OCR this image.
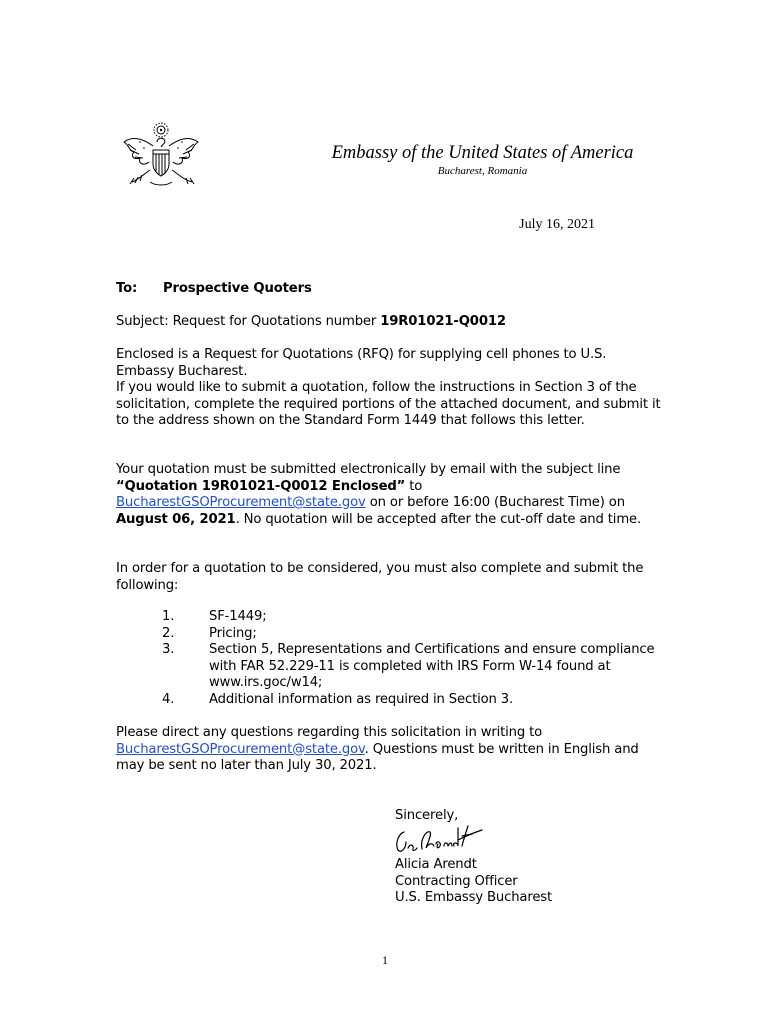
Embassy of the United States of America
Bucharest, Romania
July 16, 2021
To: Prospective Quoters
Subject: Request for Quotations number 19R01021-Q0012

Enclosed is a Request for Quotations (RFQ) for supplying cell phones to U.S. Embassy Bucharest.

If you would like to submit a quotation, follow the instructions in Section 3 of the solicitation, complete the required portions of the attached document, and submit it to the address shown on the Standard Form 1449 that follows this letter.

Your quotation must be submitted electronically by email with the subject line “Quotation 19R01021-Q0012 Enclosed” to
BucharestGSOProcurement@state.gov on or before 16:00 (Bucharest Time) on August 06, 2021. No quotation will be accepted after the cut-off date and time.
In order for a quotation to be considered, you must also complete and submit the following:
1.	SF-1449;
2.	Pricing;
3.	Section 5, Representations and Certifications and ensure compliance with FAR 52.229-11 is completed with IRS Form W-14 found at www.irs.goc/w14;
4.	Additional information as required in Section 3.
Please direct any questions regarding this solicitation in writing to
BucharestGSOProcurement@state.gov. Questions must be written in English and may be sent no later than July 30, 2021.
Sincerely,
Alicia Arendt
Contracting Officer
U.S. Embassy Bucharest
1
